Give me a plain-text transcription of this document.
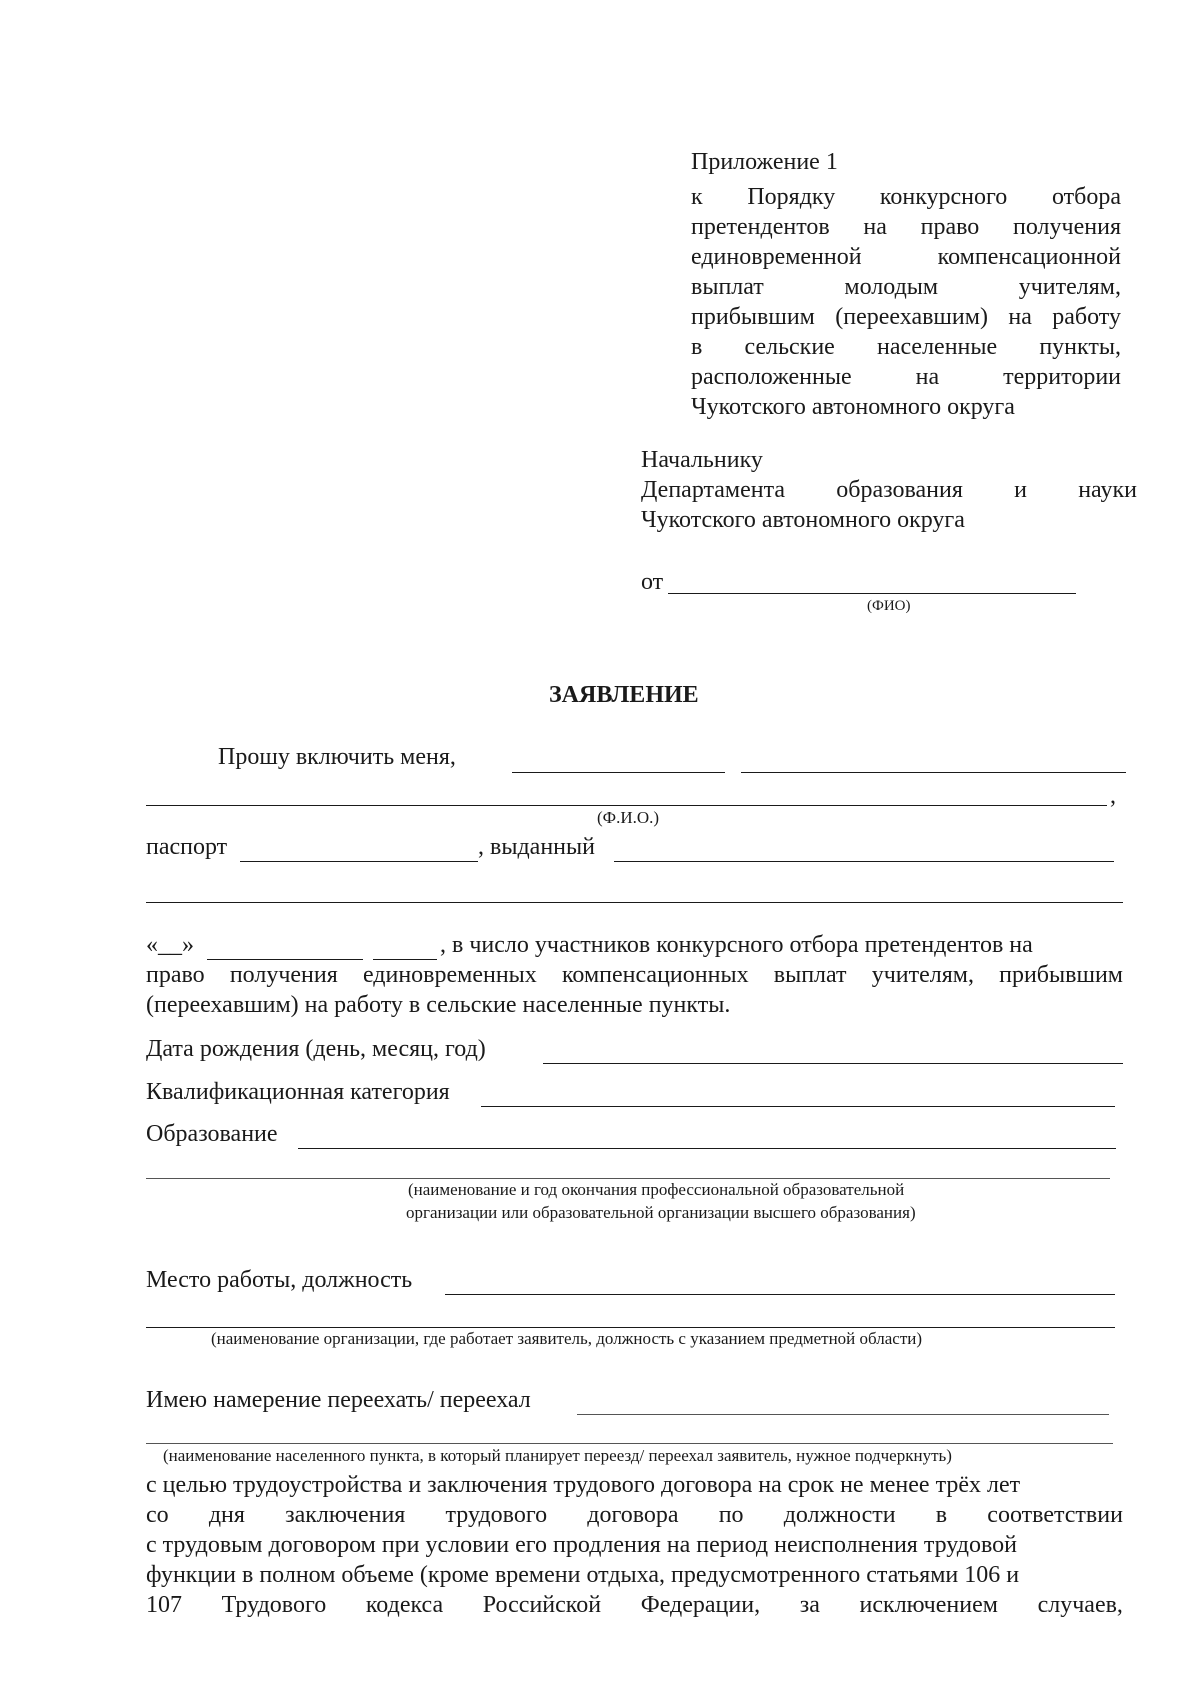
Приложение 1
к Порядку конкурсного отбора
претендентов на право получения
единовременной	компенсационной
выплат	молодым	учителям,
прибывшим (переехавшим) на работу
в сельские населенные пункты,
расположенные	на	территории
Чукотского автономного округа
Начальнику
Департамента образования и науки
Чукотского автономного округа
от
(ФИО)
ЗАЯВЛЕНИЕ
Прошу включить меня,
,
(Ф.И.О.)
паспорт	, выданный
«__»	, в число участников конкурсного отбора претендентов на
право получения единовременных компенсационных выплат учителям, прибывшим
(переехавшим) на работу в сельские населенные пункты.
Дата рождения (день, месяц, год)
Квалификационная категория
Образование
(наименование и год окончания профессиональной образовательной
организации или образовательной организации высшего образования)
Место работы, должность
(наименование организации, где работает заявитель, должность с указанием предметной области)
Имею намерение переехать/ переехал
(наименование населенного пункта, в который планирует переезд/ переехал заявитель, нужное подчеркнуть)
с целью трудоустройства и заключения трудового договора на срок не менее трёх лет
со дня заключения трудового договора по должности в соответствии
с трудовым договором при условии его продления на период неисполнения трудовой
функции в полном объеме (кроме времени отдыха, предусмотренного статьями 106 и
107 Трудового кодекса Российской Федерации, за исключением случаев,
